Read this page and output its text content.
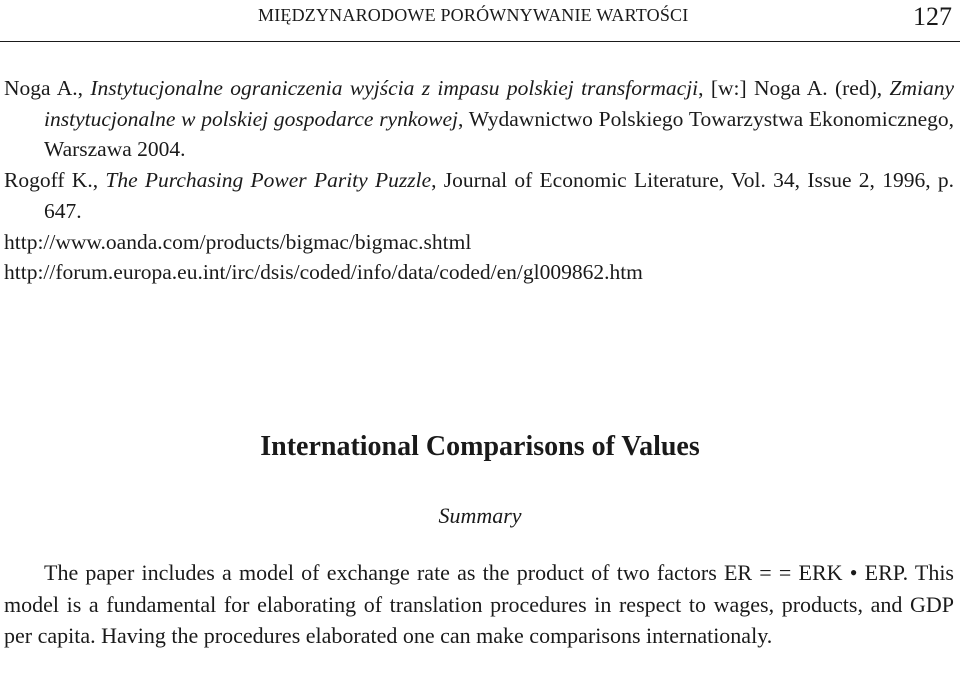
MIĘDZYNARODOWE PORÓWNYWANIE WARTOŚCI	127
Noga A., Instytucjonalne ograniczenia wyjścia z impasu polskiej transformacji, [w:] Noga A. (red), Zmiany instytucjonalne w polskiej gospodarce rynkowej, Wydawnictwo Polskiego Towarzystwa Ekonomicznego, Warszawa 2004.
Rogoff K., The Purchasing Power Parity Puzzle, Journal of Economic Literature, Vol. 34, Issue 2, 1996, p. 647.
http://www.oanda.com/products/bigmac/bigmac.shtml
http://forum.europa.eu.int/irc/dsis/coded/info/data/coded/en/gl009862.htm
International Comparisons of Values
Summary

The paper includes a model of exchange rate as the product of two factors ER = = ERK • ERP. This model is a fundamental for elaborating of translation procedures in respect to wages, products, and GDP per capita. Having the procedures elaborated one can make comparisons internationaly.
